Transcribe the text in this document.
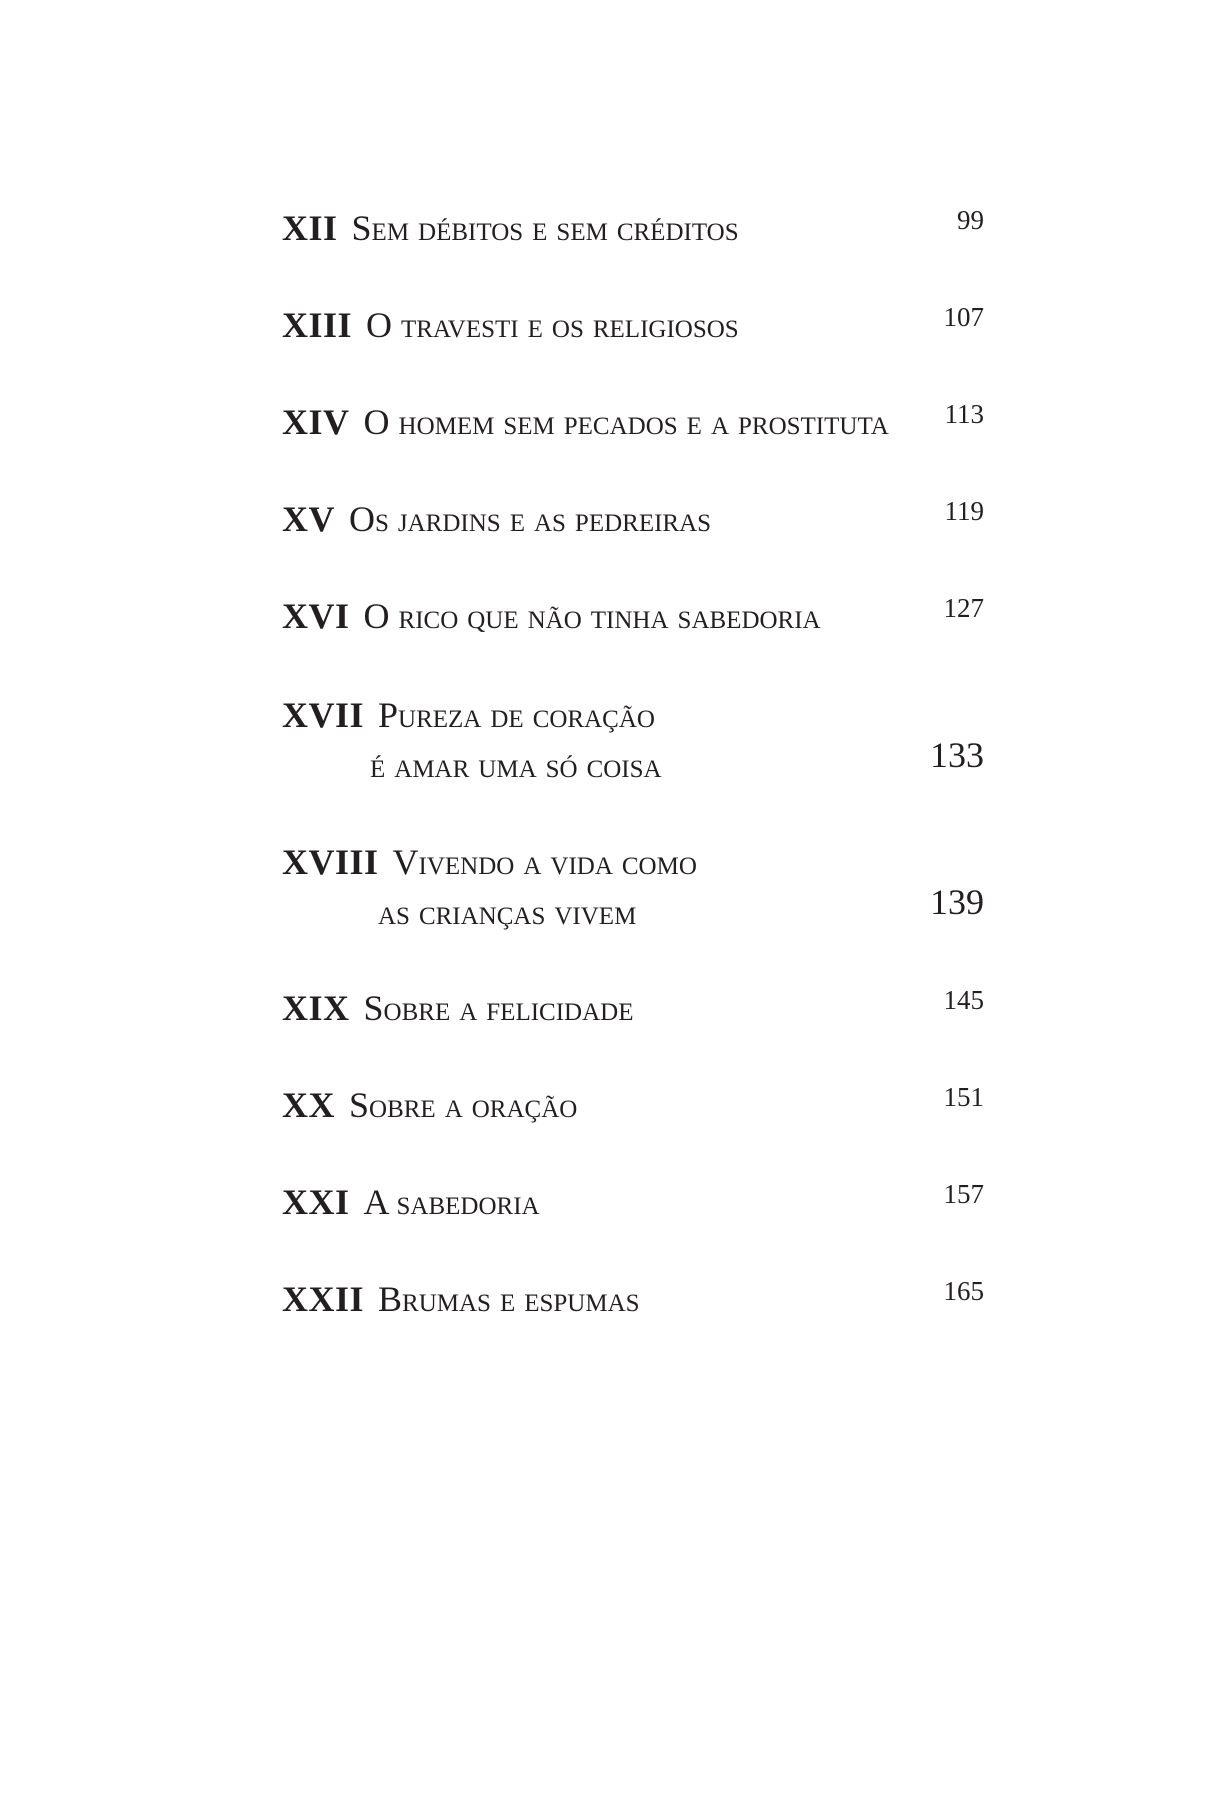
XII Sem débitos e sem créditos	99
XIII O travesti e os religiosos	107
XIV O homem sem pecados e a prostituta	113
XV Os jardins e as pedreiras	119
XVI O rico que não tinha sabedoria	127
XVII Pureza de coração
é amar uma só coisa	133
XVIII Vivendo a vida como
as crianças vivem	139
XIX Sobre a felicidade	145
XX Sobre a oração	151
XXI A sabedoria	157
XXII Brumas e espumas	165
